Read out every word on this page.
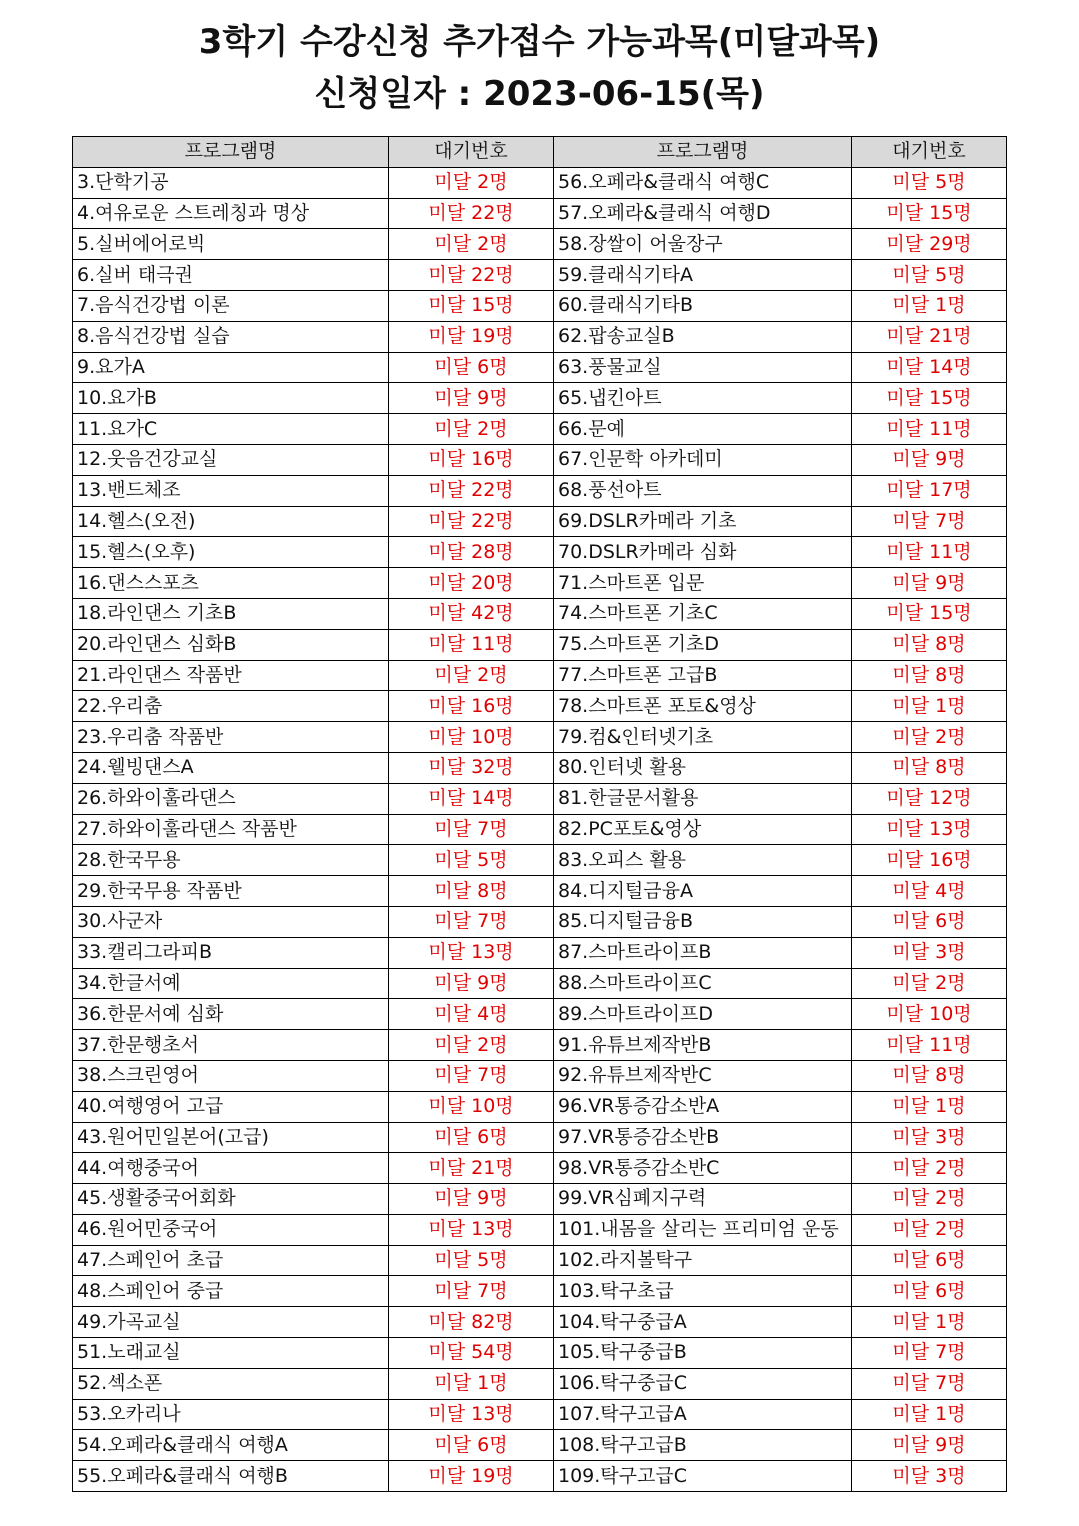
3학기 수강신청 추가접수 가능과목(미달과목)
신청일자 : 2023-06-15(목)
프로그램명	대기번호	프로그램명	대기번호
3.단학기공	미달 2명	56.오페라&클래식 여행C	미달 5명
4.여유로운 스트레칭과 명상	미달 22명	57.오페라&클래식 여행D	미달 15명
5.실버에어로빅	미달 2명	58.장쌀이 어울장구	미달 29명
6.실버 태극권	미달 22명	59.클래식기타A	미달 5명
7.음식건강법 이론	미달 15명	60.클래식기타B	미달 1명
8.음식건강법 실습	미달 19명	62.팝송교실B	미달 21명
9.요가A	미달 6명	63.풍물교실	미달 14명
10.요가B	미달 9명	65.냅킨아트	미달 15명
11.요가C	미달 2명	66.문예	미달 11명
12.웃음건강교실	미달 16명	67.인문학 아카데미	미달 9명
13.밴드체조	미달 22명	68.풍선아트	미달 17명
14.헬스(오전)	미달 22명	69.DSLR카메라 기초	미달 7명
15.헬스(오후)	미달 28명	70.DSLR카메라 심화	미달 11명
16.댄스스포츠	미달 20명	71.스마트폰 입문	미달 9명
18.라인댄스 기초B	미달 42명	74.스마트폰 기초C	미달 15명
20.라인댄스 심화B	미달 11명	75.스마트폰 기초D	미달 8명
21.라인댄스 작품반	미달 2명	77.스마트폰 고급B	미달 8명
22.우리춤	미달 16명	78.스마트폰 포토&영상	미달 1명
23.우리춤 작품반	미달 10명	79.컴&인터넷기초	미달 2명
24.웰빙댄스A	미달 32명	80.인터넷 활용	미달 8명
26.하와이훌라댄스	미달 14명	81.한글문서활용	미달 12명
27.하와이훌라댄스 작품반	미달 7명	82.PC포토&영상	미달 13명
28.한국무용	미달 5명	83.오피스 활용	미달 16명
29.한국무용 작품반	미달 8명	84.디지털금융A	미달 4명
30.사군자	미달 7명	85.디지털금융B	미달 6명
33.캘리그라피B	미달 13명	87.스마트라이프B	미달 3명
34.한글서예	미달 9명	88.스마트라이프C	미달 2명
36.한문서예 심화	미달 4명	89.스마트라이프D	미달 10명
37.한문행초서	미달 2명	91.유튜브제작반B	미달 11명
38.스크린영어	미달 7명	92.유튜브제작반C	미달 8명
40.여행영어 고급	미달 10명	96.VR통증감소반A	미달 1명
43.원어민일본어(고급)	미달 6명	97.VR통증감소반B	미달 3명
44.여행중국어	미달 21명	98.VR통증감소반C	미달 2명
45.생활중국어회화	미달 9명	99.VR심폐지구력	미달 2명
46.원어민중국어	미달 13명	101.내몸을 살리는 프리미엄 운동	미달 2명
47.스페인어 초급	미달 5명	102.라지볼탁구	미달 6명
48.스페인어 중급	미달 7명	103.탁구초급	미달 6명
49.가곡교실	미달 82명	104.탁구중급A	미달 1명
51.노래교실	미달 54명	105.탁구중급B	미달 7명
52.섹소폰	미달 1명	106.탁구중급C	미달 7명
53.오카리나	미달 13명	107.탁구고급A	미달 1명
54.오페라&클래식 여행A	미달 6명	108.탁구고급B	미달 9명
55.오페라&클래식 여행B	미달 19명	109.탁구고급C	미달 3명
